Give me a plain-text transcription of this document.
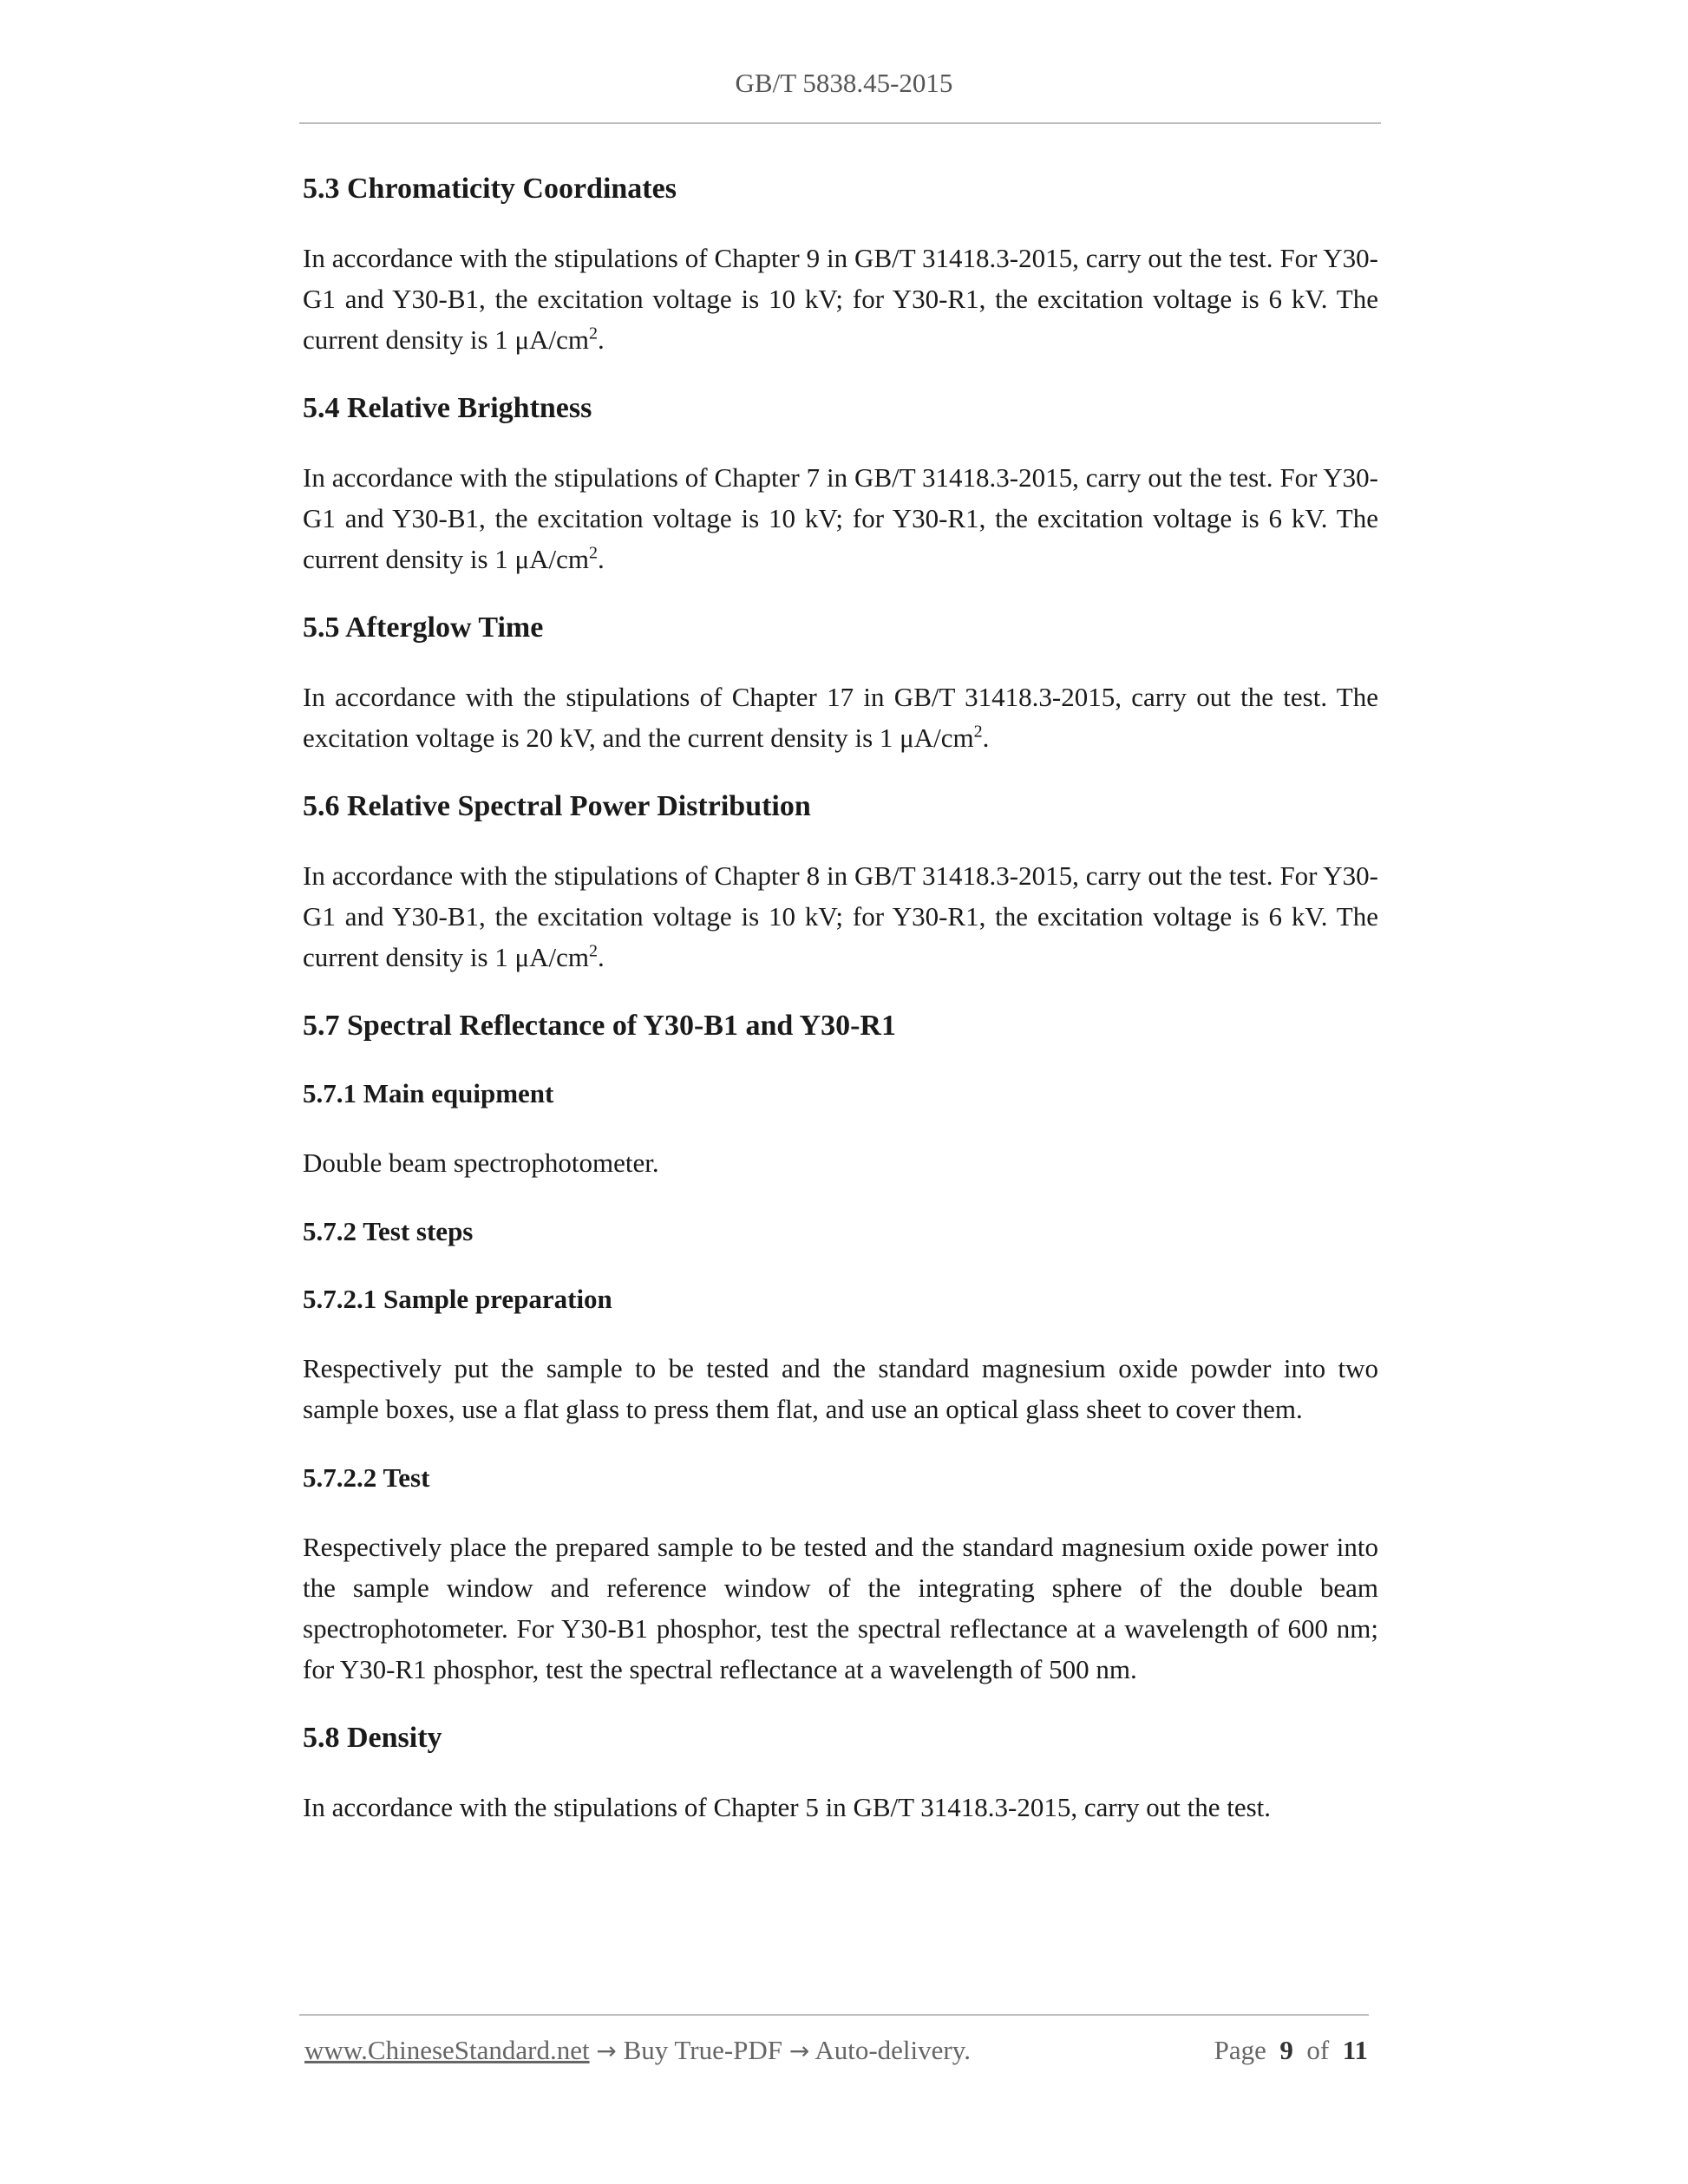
GB/T 5838.45-2015
5.3 Chromaticity Coordinates
In accordance with the stipulations of Chapter 9 in GB/T 31418.3-2015, carry out the test. For Y30-G1 and Y30-B1, the excitation voltage is 10 kV; for Y30-R1, the excitation voltage is 6 kV. The current density is 1 $\mu A/cm^2$.
5.4 Relative Brightness
In accordance with the stipulations of Chapter 7 in GB/T 31418.3-2015, carry out the test. For Y30-G1 and Y30-B1, the excitation voltage is 10 kV; for Y30-R1, the excitation voltage is 6 kV. The current density is 1 $\mu A/cm^2$.
5.5 Afterglow Time
In accordance with the stipulations of Chapter 17 in GB/T 31418.3-2015, carry out the test. The excitation voltage is 20 kV, and the current density is 1 $\mu A/cm^2$.
5.6 Relative Spectral Power Distribution
In accordance with the stipulations of Chapter 8 in GB/T 31418.3-2015, carry out the test. For Y30-G1 and Y30-B1, the excitation voltage is 10 kV; for Y30-R1, the excitation voltage is 6 kV. The current density is 1 $\mu A/cm^2$.
5.7 Spectral Reflectance of Y30-B1 and Y30-R1
5.7.1 Main equipment
Double beam spectrophotometer.
5.7.2 Test steps
5.7.2.1 Sample preparation
Respectively put the sample to be tested and the standard magnesium oxide powder into two sample boxes, use a flat glass to press them flat, and use an optical glass sheet to cover them.
5.7.2.2 Test
Respectively place the prepared sample to be tested and the standard magnesium oxide power into the sample window and reference window of the integrating sphere of the double beam spectrophotometer. For Y30-B1 phosphor, test the spectral reflectance at a wavelength of 600 nm; for Y30-R1 phosphor, test the spectral reflectance at a wavelength of 500 nm.
5.8 Density
In accordance with the stipulations of Chapter 5 in GB/T 31418.3-2015, carry out the test.
www.ChineseStandard.net → Buy True-PDF → Auto-delivery.	Page 9 of 11
